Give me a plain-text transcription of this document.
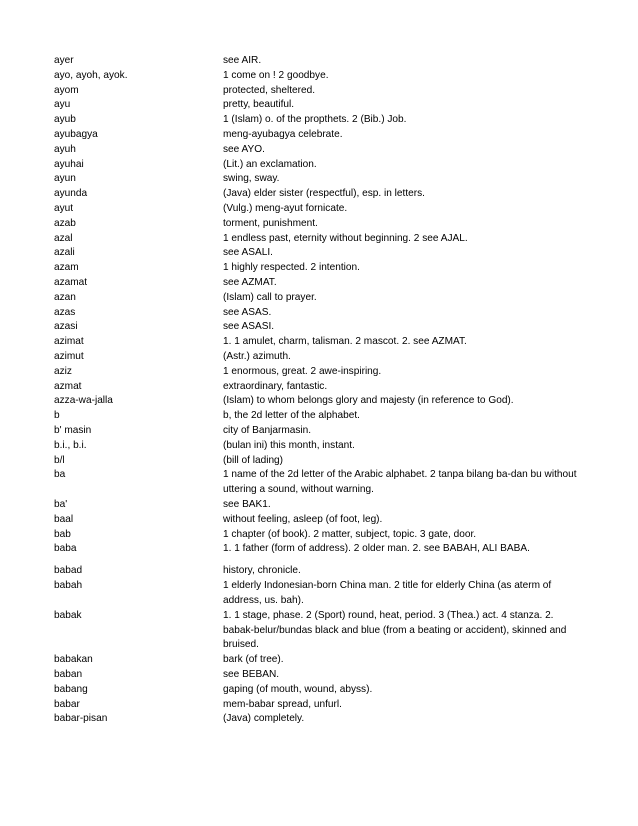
ayer	see AIR.
ayo, ayoh, ayok.	1 come on ! 2 goodbye.
ayom	protected, sheltered.
ayu	pretty, beautiful.
ayub	1 (Islam) o. of the propthets. 2 (Bib.) Job.
ayubagya	meng-ayubagya celebrate.
ayuh	see AYO.
ayuhai	(Lit.) an exclamation.
ayun	swing, sway.
ayunda	(Java) elder sister (respectful), esp. in letters.
ayut	(Vulg.) meng-ayut fornicate.
azab	torment, punishment.
azal	1 endless past, eternity without beginning. 2 see AJAL.
azali	see ASALI.
azam	1 highly respected. 2 intention.
azamat	see AZMAT.
azan	(Islam) call to prayer.
azas	see ASAS.
azasi	see ASASI.
azimat	1. 1 amulet, charm, talisman. 2 mascot. 2. see AZMAT.
azimut	(Astr.) azimuth.
aziz	1 enormous, great. 2 awe-inspiring.
azmat	extraordinary, fantastic.
azza-wa-jalla	(Islam) to whom belongs glory and majesty (in reference to God).
b	b, the 2d letter of the alphabet.
b' masin	city of Banjarmasin.
b.i., b.i.	(bulan ini) this month, instant.
b/l	(bill of lading)
ba	1 name of the 2d letter of the Arabic alphabet. 2 tanpa bilang ba-dan bu without uttering a sound, without warning.
ba'	see BAK1.
baal	without feeling, asleep (of foot, leg).
bab	1 chapter (of book). 2 matter, subject, topic. 3 gate, door.
baba	1. 1 father (form of address). 2 older man. 2. see BABAH, ALI BABA.
babad	history, chronicle.
babah	1 elderly Indonesian-born China man. 2 title for elderly China (as aterm of address, us. bah).
babak	1. 1 stage, phase. 2 (Sport) round, heat, period. 3 (Thea.) act. 4 stanza. 2. babak-belur/bundas black and blue (from a beating or accident), skinned and bruised.
babakan	bark (of tree).
baban	see BEBAN.
babang	gaping (of mouth, wound, abyss).
babar	mem-babar spread, unfurl.
babar-pisan	(Java) completely.
